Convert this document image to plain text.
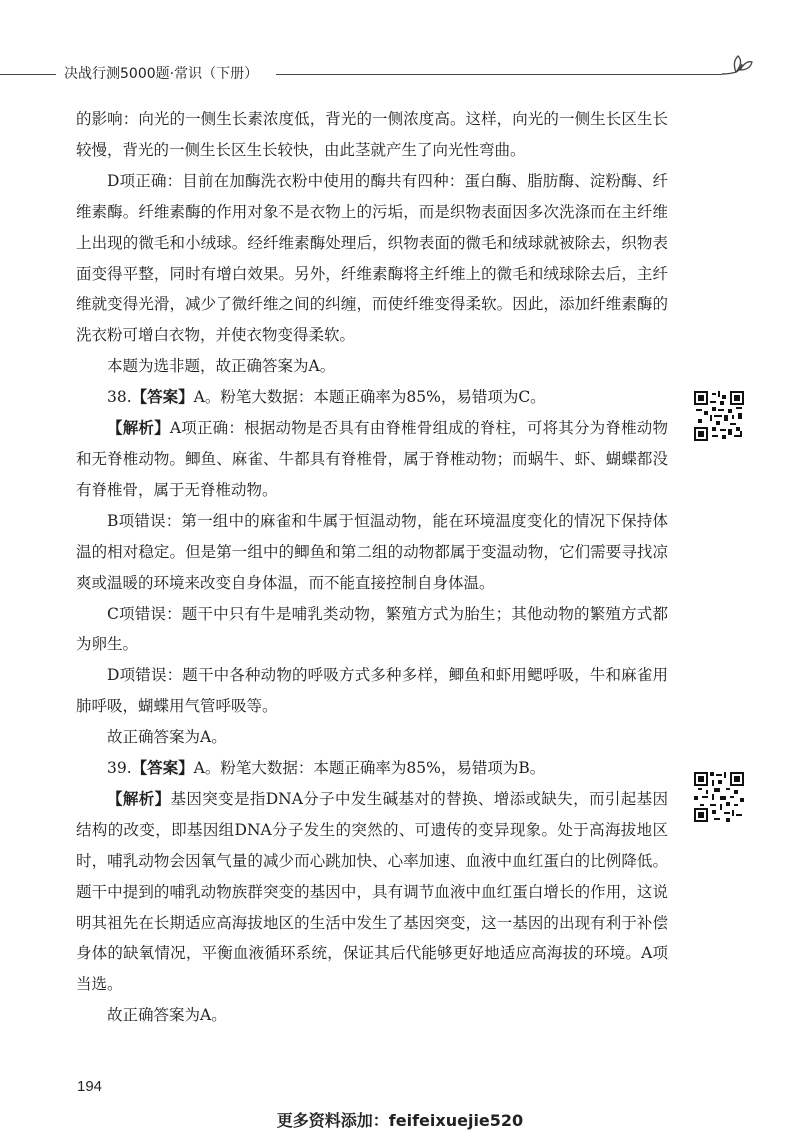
决战行测5000题·常识（下册）

的影响：向光的一侧生长素浓度低，背光的一侧浓度高。这样，向光的一侧生长区生长较慢，背光的一侧生长区生长较快，由此茎就产生了向光性弯曲。

D项正确：目前在加酶洗衣粉中使用的酶共有四种：蛋白酶、脂肪酶、淀粉酶、纤维素酶。纤维素酶的作用对象不是衣物上的污垢，而是织物表面因多次洗涤而在主纤维上出现的微毛和小绒球。经纤维素酶处理后，织物表面的微毛和绒球就被除去，织物表面变得平整，同时有增白效果。另外，纤维素酶将主纤维上的微毛和绒球除去后，主纤维就变得光滑，减少了微纤维之间的纠缠，而使纤维变得柔软。因此，添加纤维素酶的洗衣粉可增白衣物，并使衣物变得柔软。

本题为选非题，故正确答案为A。

38.【答案】A。粉笔大数据：本题正确率为85%，易错项为C。

【解析】A项正确：根据动物是否具有由脊椎骨组成的脊柱，可将其分为脊椎动物和无脊椎动物。鲫鱼、麻雀、牛都具有脊椎骨，属于脊椎动物；而蜗牛、虾、蝴蝶都没有脊椎骨，属于无脊椎动物。

B项错误：第一组中的麻雀和牛属于恒温动物，能在环境温度变化的情况下保持体温的相对稳定。但是第一组中的鲫鱼和第二组的动物都属于变温动物，它们需要寻找凉爽或温暖的环境来改变自身体温，而不能直接控制自身体温。

C项错误：题干中只有牛是哺乳类动物，繁殖方式为胎生；其他动物的繁殖方式都为卵生。

D项错误：题干中各种动物的呼吸方式多种多样，鲫鱼和虾用鳃呼吸，牛和麻雀用肺呼吸，蝴蝶用气管呼吸等。

故正确答案为A。

39.【答案】A。粉笔大数据：本题正确率为85%，易错项为B。

【解析】基因突变是指DNA分子中发生碱基对的替换、增添或缺失，而引起基因结构的改变，即基因组DNA分子发生的突然的、可遗传的变异现象。处于高海拔地区时，哺乳动物会因氧气量的减少而心跳加快、心率加速、血液中血红蛋白的比例降低。题干中提到的哺乳动物族群突变的基因中，具有调节血液中血红蛋白增长的作用，这说明其祖先在长期适应高海拔地区的生活中发生了基因突变，这一基因的出现有利于补偿身体的缺氧情况，平衡血液循环系统，保证其后代能够更好地适应高海拔的环境。A项当选。

故正确答案为A。

194
更多资料添加：feifeixuejie520
